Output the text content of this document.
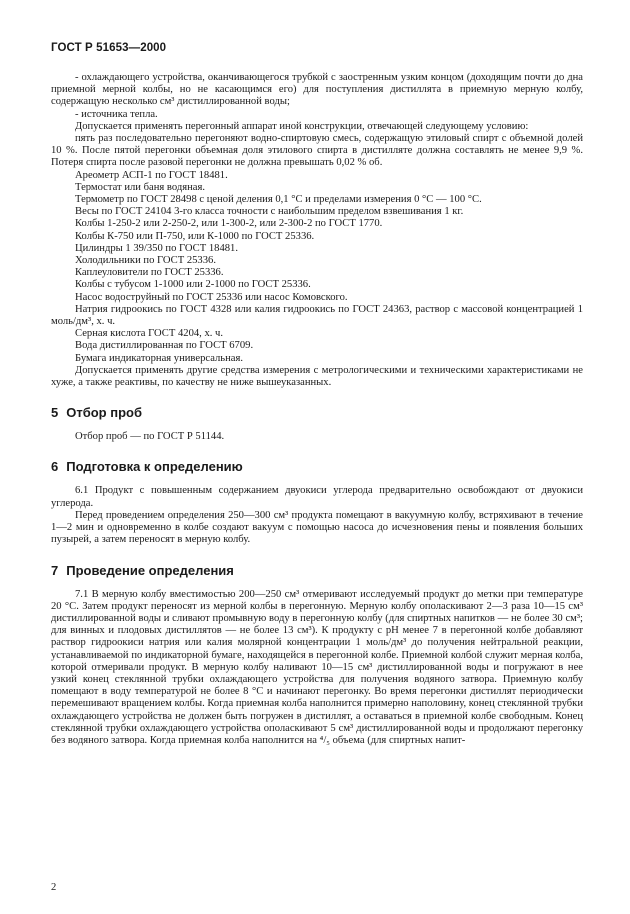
ГОСТ Р 51653—2000

- охлаждающего устройства, оканчивающегося трубкой с заостренным узким концом (доходящим почти до дна приемной мерной колбы, но не касающимся его) для поступления дистиллята в приемную мерную колбу, содержащую несколько см³ дистиллированной воды;

- источника тепла.

Допускается применять перегонный аппарат иной конструкции, отвечающей следующему условию:

пять раз последовательно перегоняют водно-спиртовую смесь, содержащую этиловый спирт с объемной долей 10 %. После пятой перегонки объемная доля этилового спирта в дистилляте должна составлять не менее 9,9 %. Потеря спирта после разовой перегонки не должна превышать 0,02 % об.

Ареометр АСП-1 по ГОСТ 18481.

Термостат или баня водяная.

Термометр по ГОСТ 28498 с ценой деления 0,1 °С и пределами измерения 0 °С — 100 °С.

Весы по ГОСТ 24104 3-го класса точности с наибольшим пределом взвешивания 1 кг.

Колбы 1-250-2 или 2-250-2, или 1-300-2, или 2-300-2 по ГОСТ 1770.

Колбы К-750 или П-750, или К-1000 по ГОСТ 25336.

Цилиндры 1 39/350 по ГОСТ 18481.

Холодильники по ГОСТ 25336.

Каплеуловители по ГОСТ 25336.

Колбы с тубусом 1-1000 или 2-1000 по ГОСТ 25336.

Насос водоструйный по ГОСТ 25336 или насос Комовского.

Натрия гидроокись по ГОСТ 4328 или калия гидроокись по ГОСТ 24363, раствор с массовой концентрацией 1 моль/дм³, х. ч.

Серная кислота ГОСТ 4204, х. ч.

Вода дистиллированная по ГОСТ 6709.

Бумага индикаторная универсальная.

Допускается применять другие средства измерения с метрологическими и техническими характеристиками не хуже, а также реактивы, по качеству не ниже вышеуказанных.

5 Отбор проб

Отбор проб — по ГОСТ Р 51144.

6 Подготовка к определению

6.1 Продукт с повышенным содержанием двуокиси углерода предварительно освобождают от двуокиси углерода.

Перед проведением определения 250—300 см³ продукта помещают в вакуумную колбу, встряхивают в течение 1—2 мин и одновременно в колбе создают вакуум с помощью насоса до исчезновения пены и появления больших пузырей, а затем переносят в мерную колбу.

7 Проведение определения

7.1 В мерную колбу вместимостью 200—250 см³ отмеривают исследуемый продукт до метки при температуре 20 °С. Затем продукт переносят из мерной колбы в перегонную. Мерную колбу ополаскивают 2—3 раза 10—15 см³ дистиллированной воды и сливают промывную воду в перегонную колбу (для спиртных напитков — не более 30 см³; для винных и плодовых дистиллятов — не более 13 см³). К продукту с рН менее 7 в перегонной колбе добавляют раствор гидроокиси натрия или калия молярной концентрации 1 моль/дм³ до получения нейтральной реакции, устанавливаемой по индикаторной бумаге, находящейся в перегонной колбе. Приемной колбой служит мерная колба, которой отмеривали продукт. В мерную колбу наливают 10—15 см³ дистиллированной воды и погружают в нее узкий конец стеклянной трубки охлаждающего устройства для получения водяного затвора. Приемную колбу помещают в воду температурой не более 8 °С и начинают перегонку. Во время перегонки дистиллят периодически перемешивают вращением колбы. Когда приемная колба наполнится примерно наполовину, конец стеклянной трубки охлаждающего устройства не должен быть погружен в дистиллят, а оставаться в приемной колбе свободным. Конец стеклянной трубки охлаждающего устройства ополаскивают 5 см³ дистиллированной воды и продолжают перегонку без водяного затвора. Когда приемная колба наполнится на ⁴/₅ объема (для спиртных напит-

2
